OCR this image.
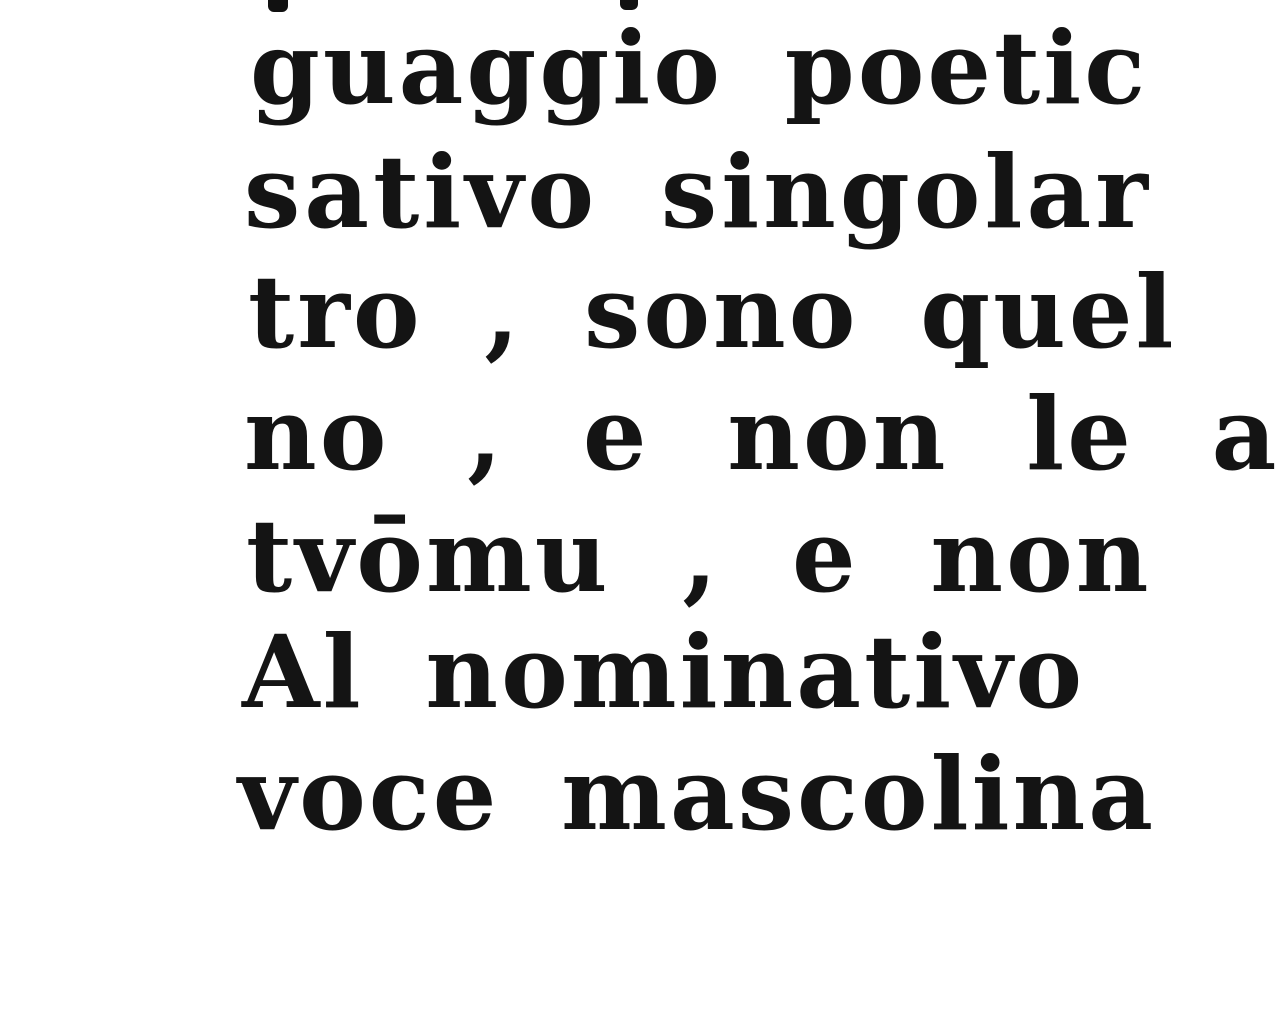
guaggio poetic
sativo singolar
tro , sono quel
no , e non le a
tvōmu , e non
Al nominativo
voce mascolina
